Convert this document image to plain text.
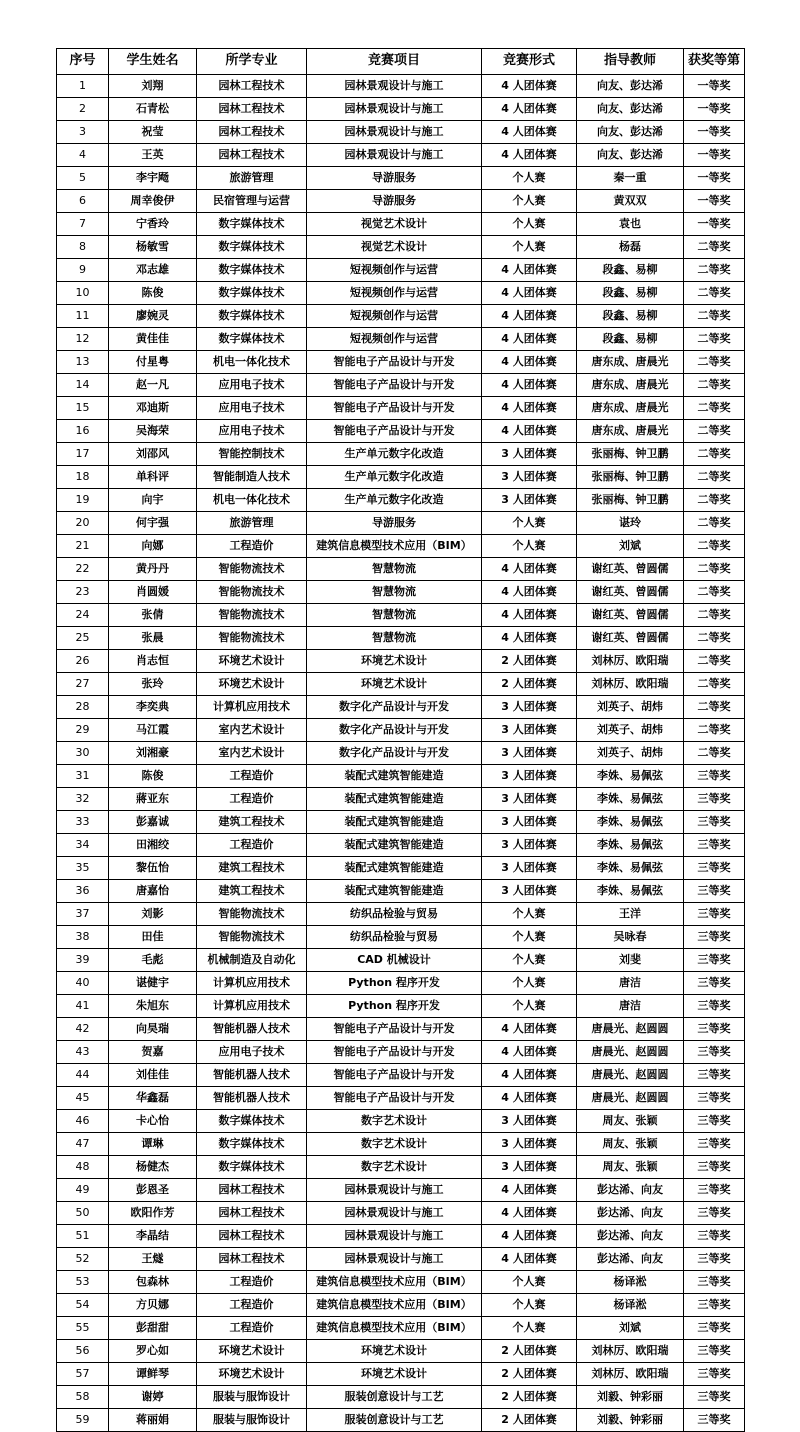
序号	学生姓名	所学专业	竞赛项目	竞赛形式	指导教师	获奖等第
1	刘翔	园林工程技术	园林景观设计与施工	4 人团体赛	向友、彭达浠	一等奖
2	石青松	园林工程技术	园林景观设计与施工	4 人团体赛	向友、彭达浠	一等奖
3	祝莹	园林工程技术	园林景观设计与施工	4 人团体赛	向友、彭达浠	一等奖
4	王英	园林工程技术	园林景观设计与施工	4 人团体赛	向友、彭达浠	一等奖
5	李宇飏	旅游管理	导游服务	个人赛	秦一重	一等奖
6	周幸俊伊	民宿管理与运营	导游服务	个人赛	黄双双	一等奖
7	宁香玲	数字媒体技术	视觉艺术设计	个人赛	袁也	一等奖
8	杨敏雪	数字媒体技术	视觉艺术设计	个人赛	杨磊	二等奖
9	邓志雄	数字媒体技术	短视频创作与运营	4 人团体赛	段鑫、易柳	二等奖
10	陈俊	数字媒体技术	短视频创作与运营	4 人团体赛	段鑫、易柳	二等奖
11	廖婉灵	数字媒体技术	短视频创作与运营	4 人团体赛	段鑫、易柳	二等奖
12	黄佳佳	数字媒体技术	短视频创作与运营	4 人团体赛	段鑫、易柳	二等奖
13	付星粤	机电一体化技术	智能电子产品设计与开发	4 人团体赛	唐东成、唐晨光	二等奖
14	赵一凡	应用电子技术	智能电子产品设计与开发	4 人团体赛	唐东成、唐晨光	二等奖
15	邓迪斯	应用电子技术	智能电子产品设计与开发	4 人团体赛	唐东成、唐晨光	二等奖
16	吴海荣	应用电子技术	智能电子产品设计与开发	4 人团体赛	唐东成、唐晨光	二等奖
17	刘邵风	智能控制技术	生产单元数字化改造	3 人团体赛	张丽梅、钟卫鹏	二等奖
18	单科评	智能制造人技术	生产单元数字化改造	3 人团体赛	张丽梅、钟卫鹏	二等奖
19	向宇	机电一体化技术	生产单元数字化改造	3 人团体赛	张丽梅、钟卫鹏	二等奖
20	何宇强	旅游管理	导游服务	个人赛	谌玲	二等奖
21	向娜	工程造价	建筑信息模型技术应用（BIM）	个人赛	刘斌	二等奖
22	黄丹丹	智能物流技术	智慧物流	4 人团体赛	谢红英、曾圆儒	二等奖
23	肖圆媛	智能物流技术	智慧物流	4 人团体赛	谢红英、曾圆儒	二等奖
24	张倩	智能物流技术	智慧物流	4 人团体赛	谢红英、曾圆儒	二等奖
25	张晨	智能物流技术	智慧物流	4 人团体赛	谢红英、曾圆儒	二等奖
26	肖志恒	环境艺术设计	环境艺术设计	2 人团体赛	刘林厉、欧阳瑞	二等奖
27	张玲	环境艺术设计	环境艺术设计	2 人团体赛	刘林厉、欧阳瑞	二等奖
28	李奕典	计算机应用技术	数字化产品设计与开发	3 人团体赛	刘英子、胡炜	二等奖
29	马江霞	室内艺术设计	数字化产品设计与开发	3 人团体赛	刘英子、胡炜	二等奖
30	刘湘豪	室内艺术设计	数字化产品设计与开发	3 人团体赛	刘英子、胡炜	二等奖
31	陈俊	工程造价	装配式建筑智能建造	3 人团体赛	李姝、易佩弦	三等奖
32	蔣亚东	工程造价	装配式建筑智能建造	3 人团体赛	李姝、易佩弦	三等奖
33	彭嘉诚	建筑工程技术	装配式建筑智能建造	3 人团体赛	李姝、易佩弦	三等奖
34	田湘绞	工程造价	装配式建筑智能建造	3 人团体赛	李姝、易佩弦	三等奖
35	黎伍怡	建筑工程技术	装配式建筑智能建造	3 人团体赛	李姝、易佩弦	三等奖
36	唐嘉怡	建筑工程技术	装配式建筑智能建造	3 人团体赛	李姝、易佩弦	三等奖
37	刘影	智能物流技术	纺织品检验与贸易	个人赛	王洋	三等奖
38	田佳	智能物流技术	纺织品检验与贸易	个人赛	吴咏春	三等奖
39	毛彪	机械制造及自动化	CAD 机械设计	个人赛	刘斐	三等奖
40	谌健宇	计算机应用技术	Python 程序开发	个人赛	唐洁	三等奖
41	朱旭东	计算机应用技术	Python 程序开发	个人赛	唐洁	三等奖
42	向昊瑞	智能机器人技术	智能电子产品设计与开发	4 人团体赛	唐晨光、赵圆圆	三等奖
43	贺嘉	应用电子技术	智能电子产品设计与开发	4 人团体赛	唐晨光、赵圆圆	三等奖
44	刘佳佳	智能机器人技术	智能电子产品设计与开发	4 人团体赛	唐晨光、赵圆圆	三等奖
45	华鑫磊	智能机器人技术	智能电子产品设计与开发	4 人团体赛	唐晨光、赵圆圆	三等奖
46	卡心怡	数字媒体技术	数字艺术设计	3 人团体赛	周友、张颖	三等奖
47	谭琳	数字媒体技术	数字艺术设计	3 人团体赛	周友、张颖	三等奖
48	杨健杰	数字媒体技术	数字艺术设计	3 人团体赛	周友、张颖	三等奖
49	彭恩圣	园林工程技术	园林景观设计与施工	4 人团体赛	彭达浠、向友	三等奖
50	欧阳作芳	园林工程技术	园林景观设计与施工	4 人团体赛	彭达浠、向友	三等奖
51	李晶结	园林工程技术	园林景观设计与施工	4 人团体赛	彭达浠、向友	三等奖
52	王燧	园林工程技术	园林景观设计与施工	4 人团体赛	彭达浠、向友	三等奖
53	包森林	工程造价	建筑信息模型技术应用（BIM）	个人赛	杨译淞	三等奖
54	方贝娜	工程造价	建筑信息模型技术应用（BIM）	个人赛	杨译淞	三等奖
55	彭甜甜	工程造价	建筑信息模型技术应用（BIM）	个人赛	刘斌	三等奖
56	罗心如	环境艺术设计	环境艺术设计	2 人团体赛	刘林厉、欧阳瑞	三等奖
57	谭鲜琴	环境艺术设计	环境艺术设计	2 人团体赛	刘林厉、欧阳瑞	三等奖
58	谢婷	服装与服饰设计	服装创意设计与工艺	2 人团体赛	刘毅、钟彩丽	三等奖
59	蒋丽娟	服装与服饰设计	服装创意设计与工艺	2 人团体赛	刘毅、钟彩丽	三等奖
